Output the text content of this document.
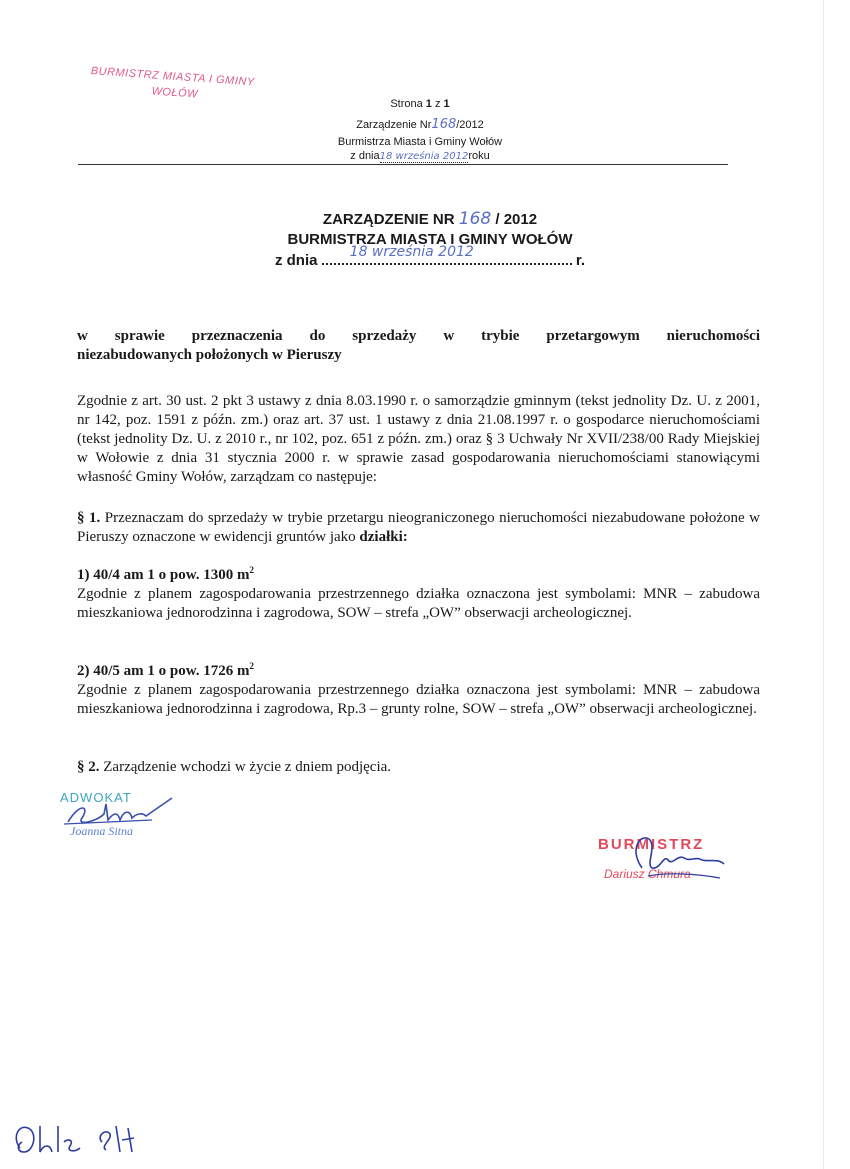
BURMISTRZ MIASTA I GMINY
WOŁÓW
Strona 1 z 1
Zarządzenie Nr168/2012
Burmistrza Miasta i Gminy Wołów
z dnia18 września 2012roku
ZARZĄDZENIE NR 168 / 2012
BURMISTRZA MIASTA I GMINY WOŁÓW
z dnia 18 września 2012	r.
w sprawie przeznaczenia do sprzedaży w trybie przetargowym nieruchomości
niezabudowanych położonych w Pieruszy
Zgodnie z art. 30 ust. 2 pkt 3 ustawy z dnia 8.03.1990 r. o samorządzie gminnym (tekst jednolity Dz. U. z 2001, nr 142, poz. 1591 z późn. zm.) oraz art. 37 ust. 1 ustawy z dnia 21.08.1997 r. o gospodarce nieruchomościami (tekst jednolity Dz. U. z 2010 r., nr 102, poz. 651 z późn. zm.) oraz § 3 Uchwały Nr XVII/238/00 Rady Miejskiej w Wołowie z dnia 31 stycznia 2000 r. w sprawie zasad gospodarowania nieruchomościami stanowiącymi własność Gminy Wołów, zarządzam co następuje:
§ 1. Przeznaczam do sprzedaży w trybie przetargu nieograniczonego nieruchomości niezabudowane położone w Pieruszy oznaczone w ewidencji gruntów jako działki:
1) 40/4 am 1 o pow. 1300 $m^2$
Zgodnie z planem zagospodarowania przestrzennego działka oznaczona jest symbolami: MNR – zabudowa mieszkaniowa jednorodzinna i zagrodowa, SOW – strefa „OW” obserwacji archeologicznej.
2) 40/5 am 1 o pow. 1726 $m^2$
Zgodnie z planem zagospodarowania przestrzennego działka oznaczona jest symbolami: MNR – zabudowa mieszkaniowa jednorodzinna i zagrodowa, Rp.3 – grunty rolne, SOW – strefa „OW” obserwacji archeologicznej.
§ 2. Zarządzenie wchodzi w życie z dniem podjęcia.
ADWOKAT
Joanna Sitna
BURMISTRZ
Dariusz Chmura
